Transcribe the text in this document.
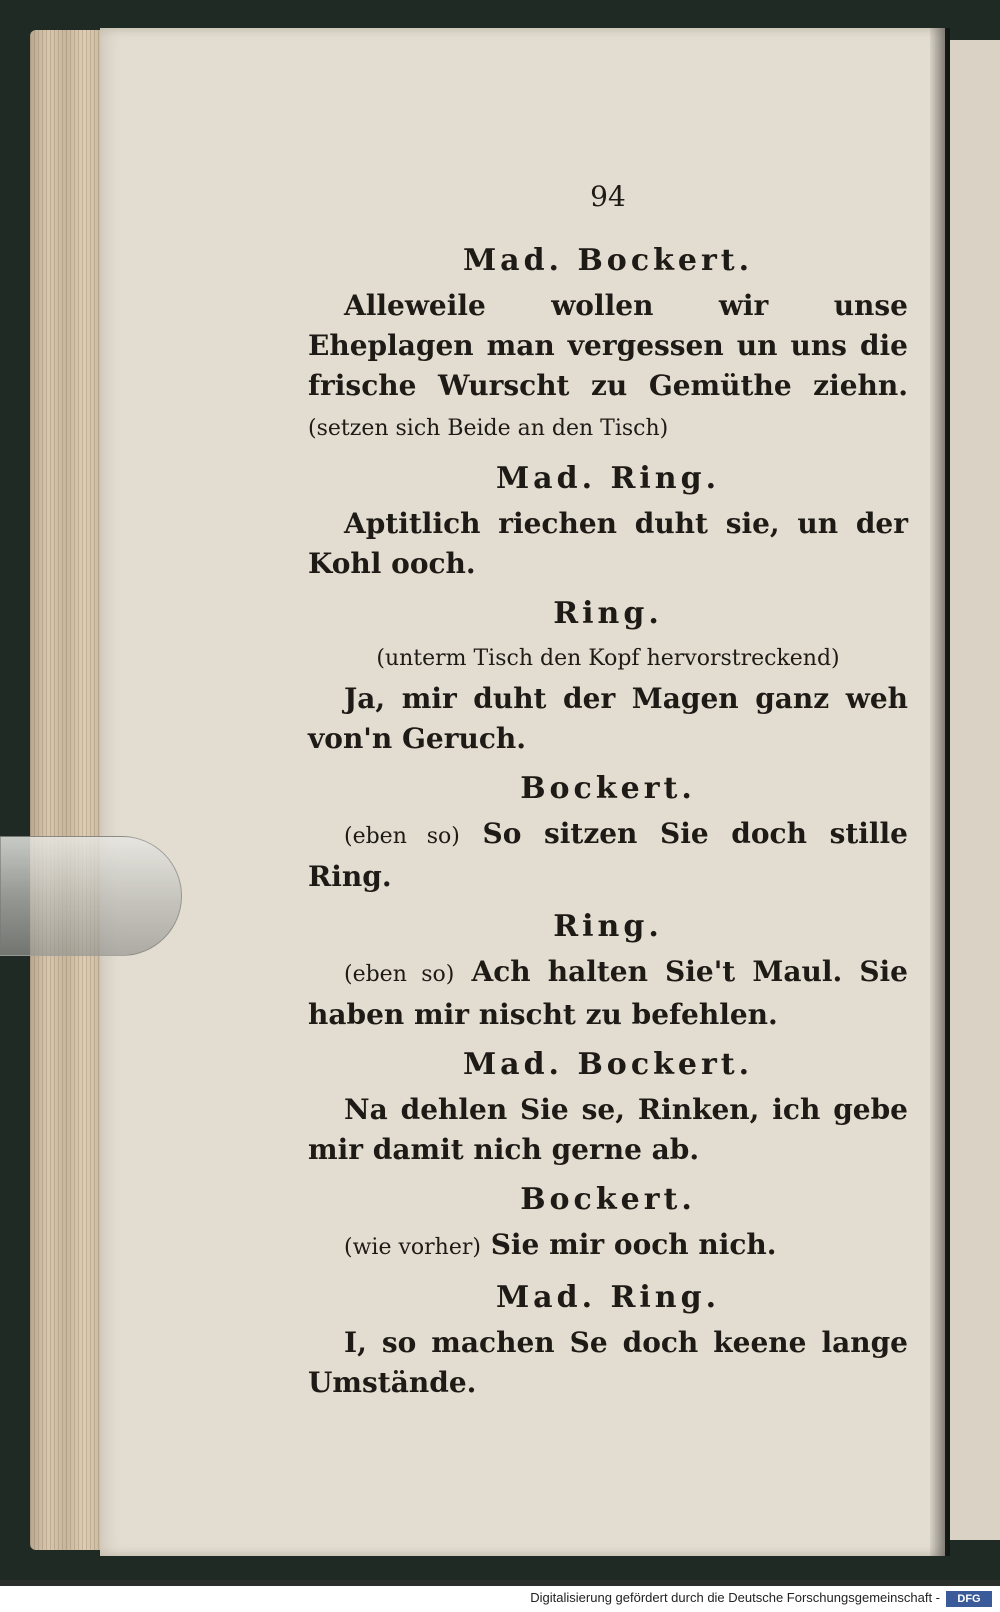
94
Mad. Bockert.
Alleweile wollen wir unse Eheplagen man vergessen un uns die frische Wurscht zu Gemüthe ziehn. (setzen sich Beide an den Tisch)
Mad. Ring.
Aptitlich riechen duht sie, un der Kohl ooch.
Ring.
(unterm Tisch den Kopf hervorstreckend)
Ja, mir duht der Magen ganz weh von'n Geruch.
Bockert.
(eben so) So sitzen Sie doch stille Ring.
Ring.
(eben so) Ach halten Sie't Maul. Sie haben mir nischt zu befehlen.
Mad. Bockert.
Na dehlen Sie se, Rinken, ich gebe mir damit nich gerne ab.
Bockert.
(wie vorher) Sie mir ooch nich.
Mad. Ring.
I, so machen Se doch keene lange Umstände.
Digitalisierung gefördert durch die Deutsche Forschungsgemeinschaft -	DFG
